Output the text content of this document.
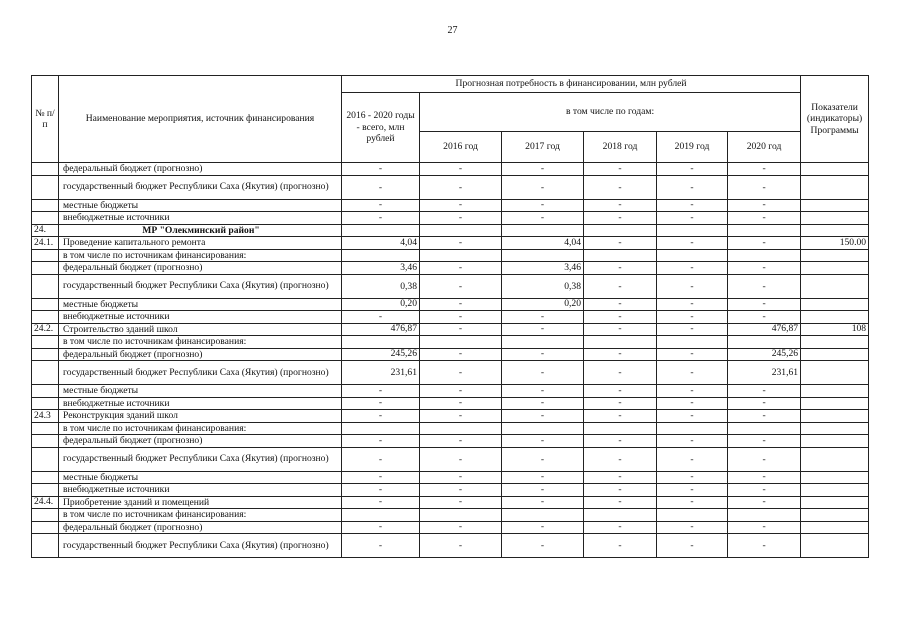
27
№ п/п	Наименование мероприятия, источник финансирования	Прогнозная потребность в финансировании, млн рублей						Показатели (индикаторы) Программы
		2016 - 2020 годы - всего, млн рублей	в том числе по годам:					
			2016 год	2017 год	2018 год	2019 год	2020 год	
	федеральный бюджет (прогнозно)	-	-	-	-	-	-	
	государственный бюджет Республики Саха (Якутия) (прогнозно)	-	-	-	-	-	-	
	местные бюджеты	-	-	-	-	-	-	
	внебюджетные источники	-	-	-	-	-	-	
24.	МР "Олекминский район"							
24.1.	Проведение капитального ремонта	4,04	-	4,04	-	-	-	150.00
	в том числе по источникам финансирования:							
	федеральный бюджет (прогнозно)	3,46	-	3,46	-	-	-	
	государственный бюджет Республики Саха (Якутия) (прогнозно)	0,38	-	0,38	-	-	-	
	местные бюджеты	0,20	-	0,20	-	-	-	
	внебюджетные источники	-	-	-	-	-	-	
24.2.	Строительство зданий школ	476,87	-	-	-	-	476,87	108
	в том числе по источникам финансирования:							
	федеральный бюджет (прогнозно)	245,26	-	-	-	-	245,26	
	государственный бюджет Республики Саха (Якутия) (прогнозно)	231,61	-	-	-	-	231,61	
	местные бюджеты	-	-	-	-	-	-	
	внебюджетные источники	-	-	-	-	-	-	
24.3	Реконструкция зданий школ	-	-	-	-	-	-	
	в том числе по источникам финансирования:							
	федеральный бюджет (прогнозно)	-	-	-	-	-	-	
	государственный бюджет Республики Саха (Якутия) (прогнозно)	-	-	-	-	-	-	
	местные бюджеты	-	-	-	-	-	-	
	внебюджетные источники	-	-	-	-	-	-	
24.4.	Приобретение зданий и помещений	-	-	-	-	-	-	
	в том числе по источникам финансирования:							
	федеральный бюджет (прогнозно)	-	-	-	-	-	-	
	государственный бюджет Республики Саха (Якутия) (прогнозно)	-	-	-	-	-	-	
